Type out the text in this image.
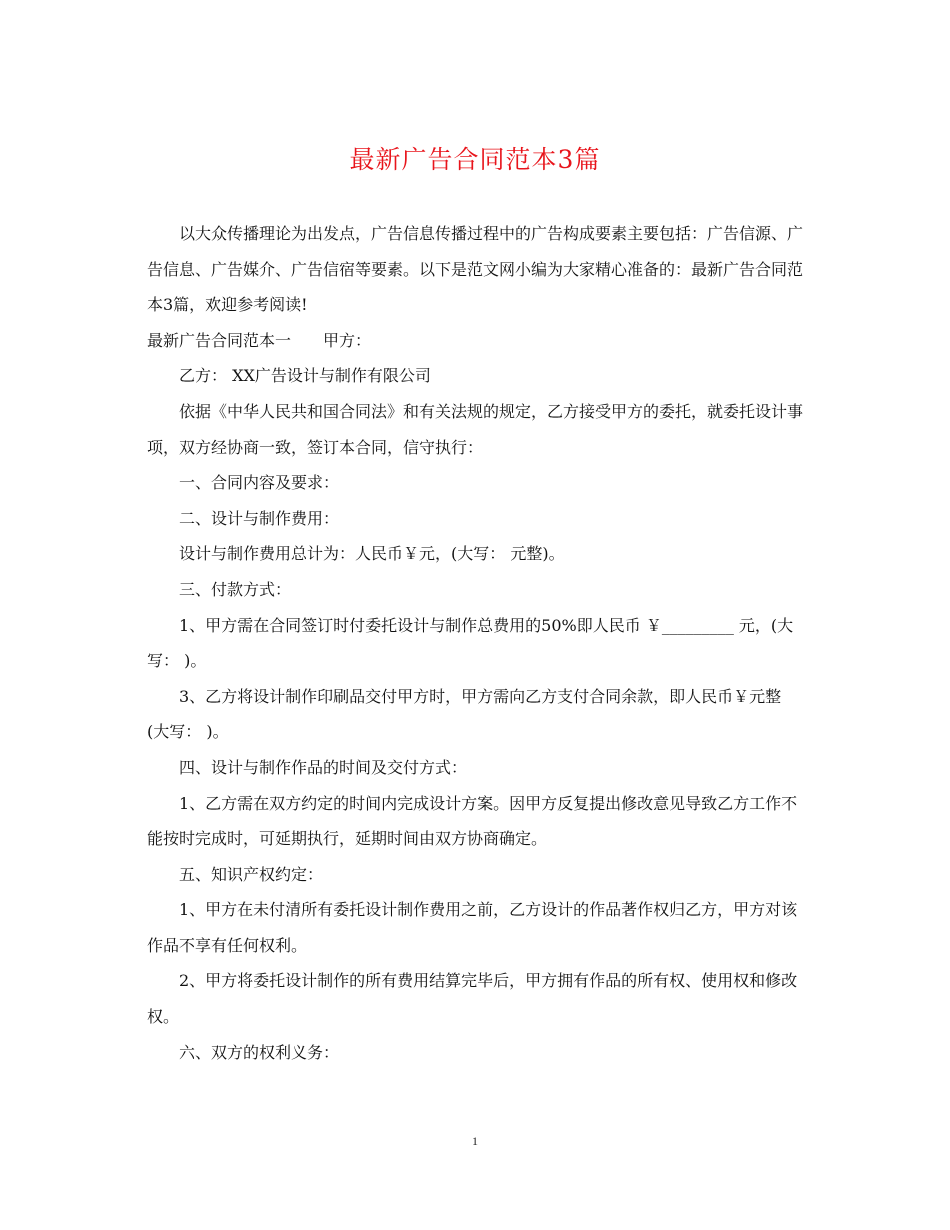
最新广告合同范本3篇

以大众传播理论为出发点，广告信息传播过程中的广告构成要素主要包括：广告信源、广告信息、广告媒介、广告信宿等要素。以下是范文网小编为大家精心准备的：最新广告合同范本3篇，欢迎参考阅读!

最新广告合同范本一　　甲方：

乙方： XX广告设计与制作有限公司

依据《中华人民共和国合同法》和有关法规的规定，乙方接受甲方的委托，就委托设计事项，双方经协商一致，签订本合同，信守执行：

一、合同内容及要求：

二、设计与制作费用：

设计与制作费用总计为：人民币￥元，(大写： 元整)。

三、付款方式：

1、甲方需在合同签订时付委托设计与制作总费用的50%即人民币 ￥_________ 元，(大写： )。

3、乙方将设计制作印刷品交付甲方时，甲方需向乙方支付合同余款，即人民币￥元整(大写： )。

四、设计与制作作品的时间及交付方式：

1、乙方需在双方约定的时间内完成设计方案。因甲方反复提出修改意见导致乙方工作不能按时完成时，可延期执行，延期时间由双方协商确定。

五、知识产权约定：

1、甲方在未付清所有委托设计制作费用之前，乙方设计的作品著作权归乙方，甲方对该作品不享有任何权利。

2、甲方将委托设计制作的所有费用结算完毕后，甲方拥有作品的所有权、使用权和修改权。

六、双方的权利义务：

1
